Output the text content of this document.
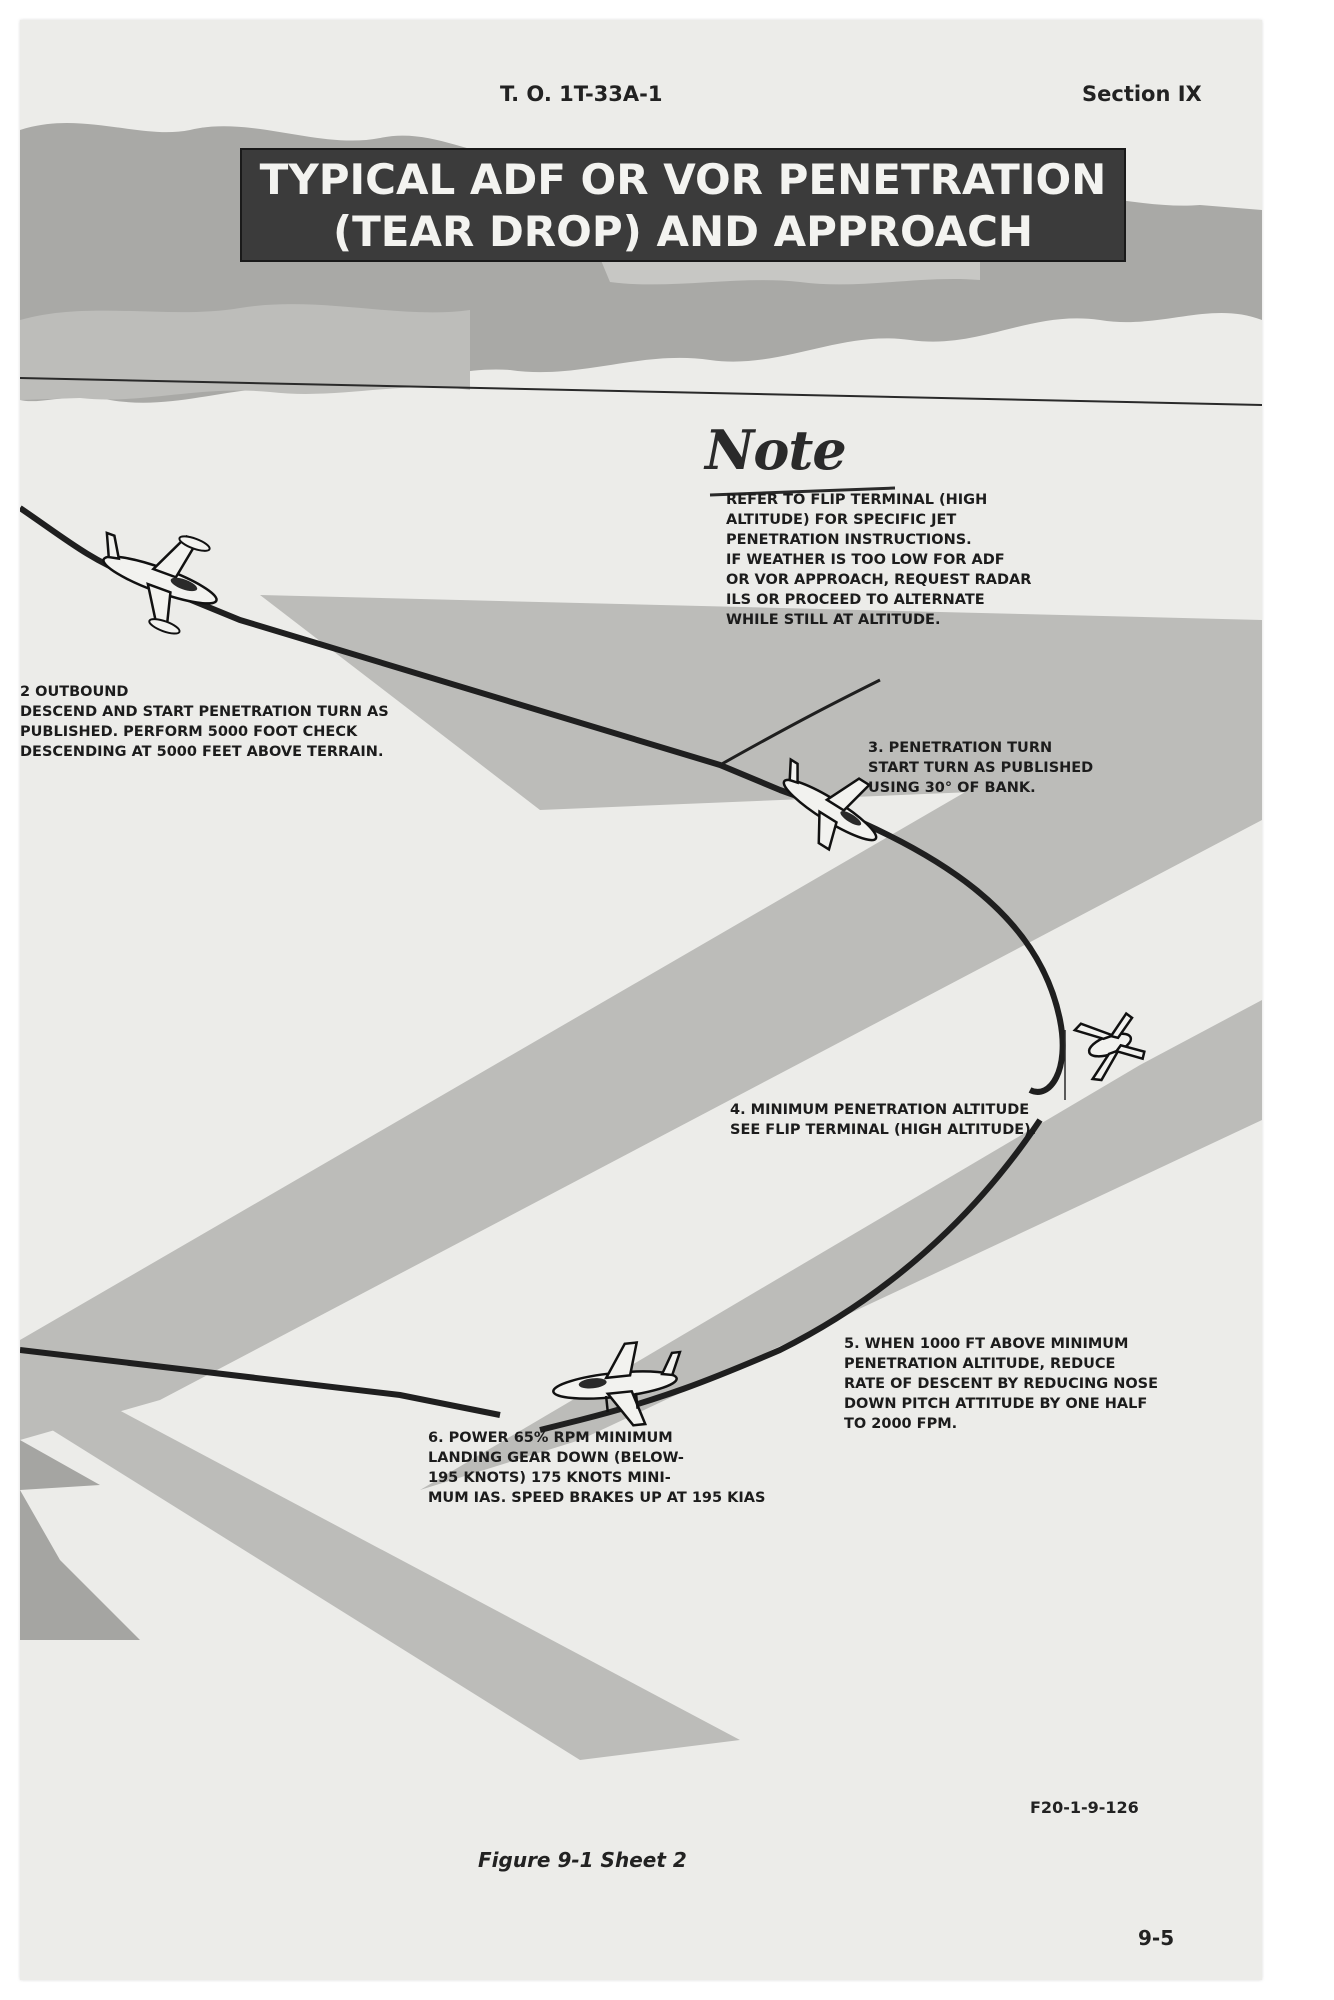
T. O. 1T-33A-1	Section IX
TYPICAL ADF OR VOR PENETRATION
(TEAR DROP) AND APPROACH
Note
REFER TO FLIP TERMINAL (HIGH
ALTITUDE) FOR SPECIFIC JET
PENETRATION INSTRUCTIONS.
IF WEATHER IS TOO LOW FOR ADF
OR VOR APPROACH, REQUEST RADAR
ILS OR PROCEED TO ALTERNATE
WHILE STILL AT ALTITUDE.
2 OUTBOUND
DESCEND AND START PENETRATION TURN AS
PUBLISHED. PERFORM 5000 FOOT CHECK
DESCENDING AT 5000 FEET ABOVE TERRAIN.	3. PENETRATION TURN
START TURN AS PUBLISHED
USING 30° OF BANK.
4. MINIMUM PENETRATION ALTITUDE
SEE FLIP TERMINAL (HIGH ALTITUDE).
5. WHEN 1000 FT ABOVE MINIMUM
PENETRATION ALTITUDE, REDUCE
RATE OF DESCENT BY REDUCING NOSE
DOWN PITCH ATTITUDE BY ONE HALF
TO 2000 FPM.
6. POWER 65% RPM MINIMUM
LANDING GEAR DOWN (BELOW-
195 KNOTS) 175 KNOTS MINI-
MUM IAS. SPEED BRAKES UP AT 195 KIAS
F20-1-9-126
Figure 9-1 Sheet 2
9-5
